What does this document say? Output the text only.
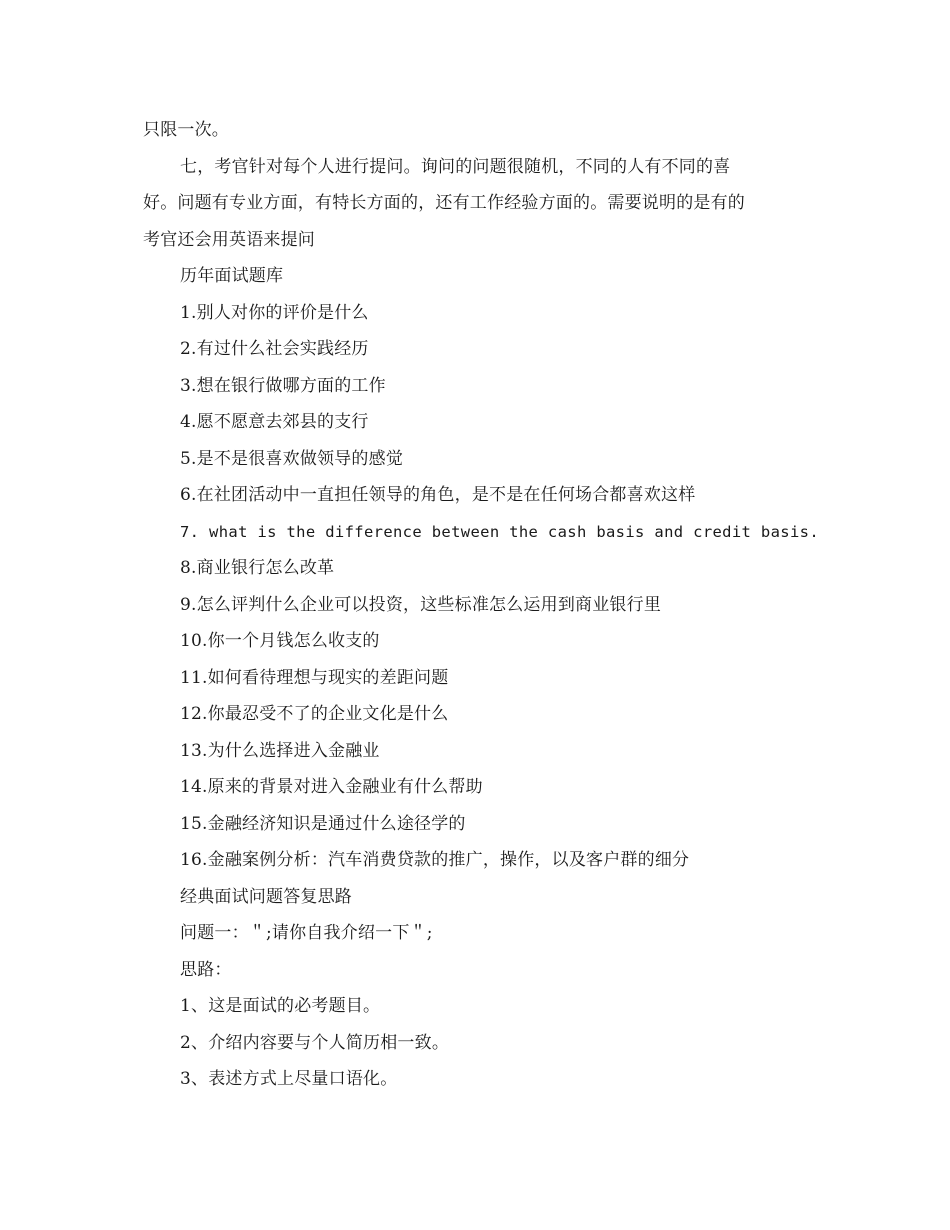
只限一次。
七，考官针对每个人进行提问。询问的问题很随机，不同的人有不同的喜
好。问题有专业方面，有特长方面的，还有工作经验方面的。需要说明的是有的
考官还会用英语来提问
历年面试题库
1.别人对你的评价是什么
2.有过什么社会实践经历
3.想在银行做哪方面的工作
4.愿不愿意去郊县的支行
5.是不是很喜欢做领导的感觉
6.在社团活动中一直担任领导的角色，是不是在任何场合都喜欢这样
7. what is the difference between the cash basis and credit basis.
8.商业银行怎么改革
9.怎么评判什么企业可以投资，这些标准怎么运用到商业银行里
10.你一个月钱怎么收支的
11.如何看待理想与现实的差距问题
12.你最忍受不了的企业文化是什么
13.为什么选择进入金融业
14.原来的背景对进入金融业有什么帮助
15.金融经济知识是通过什么途径学的
16.金融案例分析：汽车消费贷款的推广，操作，以及客户群的细分
经典面试问题答复思路
问题一：＂;请你自我介绍一下＂;
思路：
1、这是面试的必考题目。
2、介绍内容要与个人简历相一致。
3、表述方式上尽量口语化。
